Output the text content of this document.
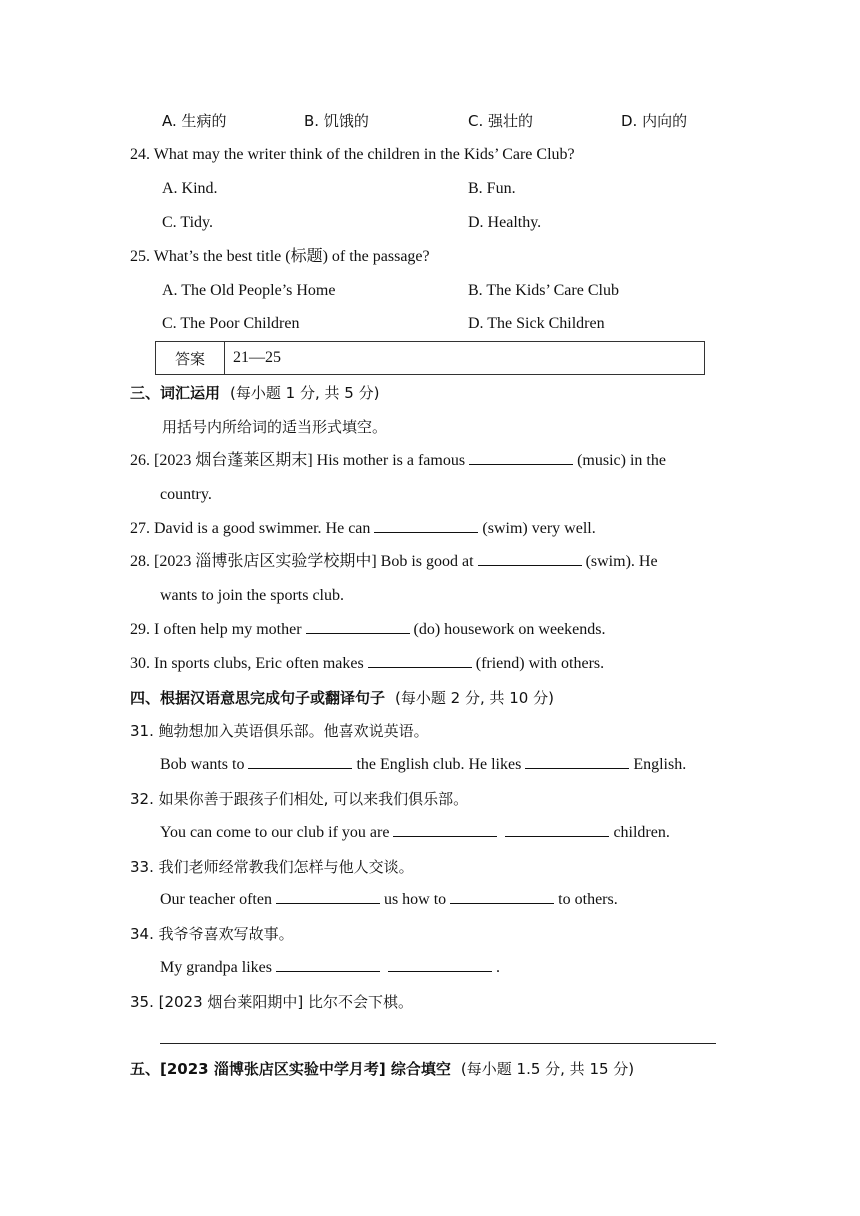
A. 生病的	B. 饥饿的	C. 强壮的	D. 内向的
24. What may the writer think of the children in the Kids’ Care Club?
A. Kind.	B. Fun.
C. Tidy.	D. Healthy.
25. What’s the best title (标题) of the passage?
A. The Old People’s Home	B. The Kids’ Care Club
C. The Poor Children	D. The Sick Children
答案	21—25
三、词汇运用 (每小题 1 分, 共 5 分)
用括号内所给词的适当形式填空。
26. [2023 烟台蓬莱区期末] His mother is a famous	(music) in the
country.
27. David is a good swimmer. He can	(swim) very well.
28. [2023 淄博张店区实验学校期中] Bob is good at	(swim). He
wants to join the sports club.
29. I often help my mother	(do) housework on weekends.
30. In sports clubs, Eric often makes	(friend) with others.
四、根据汉语意思完成句子或翻译句子 (每小题 2 分, 共 10 分)
31. 鲍勃想加入英语俱乐部。他喜欢说英语。
Bob wants to	the English club. He likes	English.
32. 如果你善于跟孩子们相处, 可以来我们俱乐部。
You can come to our club if you are	children.
33. 我们老师经常教我们怎样与他人交谈。
Our teacher often	us how to	to others.
34. 我爷爷喜欢写故事。
My grandpa likes	.
35. [2023 烟台莱阳期中] 比尔不会下棋。
五、[2023 淄博张店区实验中学月考] 综合填空 (每小题 1.5 分, 共 15 分)
